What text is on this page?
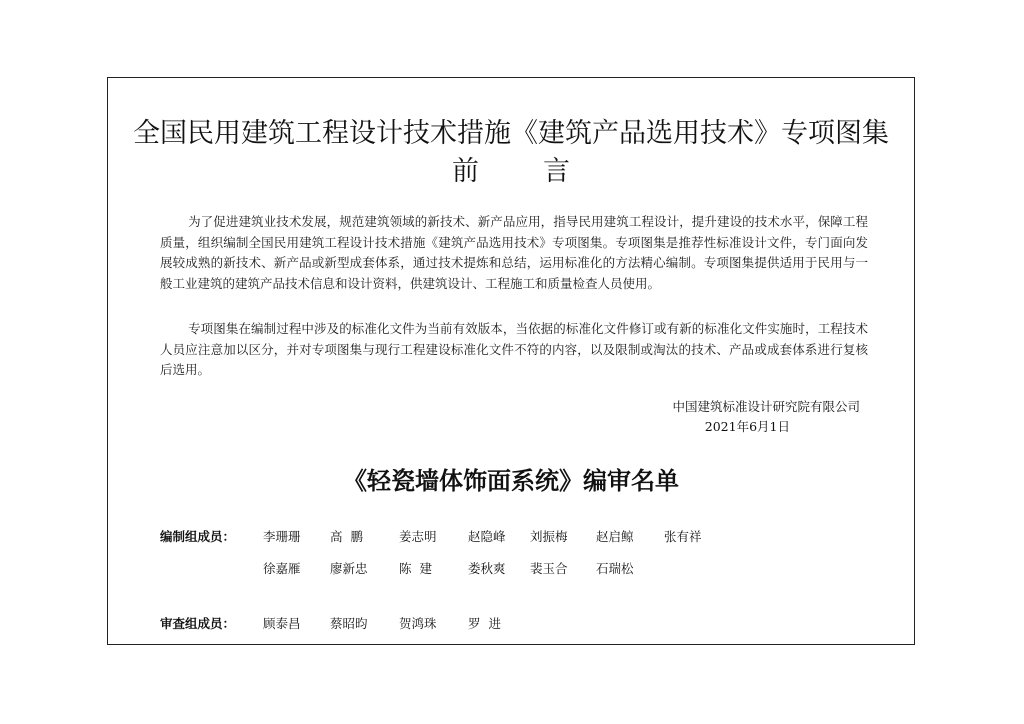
全国民用建筑工程设计技术措施《建筑产品选用技术》专项图集
前 言

为了促进建筑业技术发展，规范建筑领域的新技术、新产品应用，指导民用建筑工程设计，提升建设的技术水平，保障工程质量，组织编制全国民用建筑工程设计技术措施《建筑产品选用技术》专项图集。专项图集是推荐性标准设计文件，专门面向发展较成熟的新技术、新产品或新型成套体系，通过技术提炼和总结，运用标准化的方法精心编制。专项图集提供适用于民用与一般工业建筑的建筑产品技术信息和设计资料，供建筑设计、工程施工和质量检查人员使用。

专项图集在编制过程中涉及的标准化文件为当前有效版本，当依据的标准化文件修订或有新的标准化文件实施时，工程技术人员应注意加以区分，并对专项图集与现行工程建设标准化文件不符的内容，以及限制或淘汰的技术、产品或成套体系进行复核后选用。

中国建筑标准设计研究院有限公司
2021年6月1日
《轻瓷墙体饰面系统》编审名单
编制组成员： 李珊珊 高  鹏	姜志明	赵隐峰 刘振梅 赵启鲸 张有祥
徐嘉雁 廖新忠	陈  建	娄秋爽 裴玉合 石瑞松
审查组成员： 顾泰昌 蔡昭昀	贺鸿珠	罗  进
